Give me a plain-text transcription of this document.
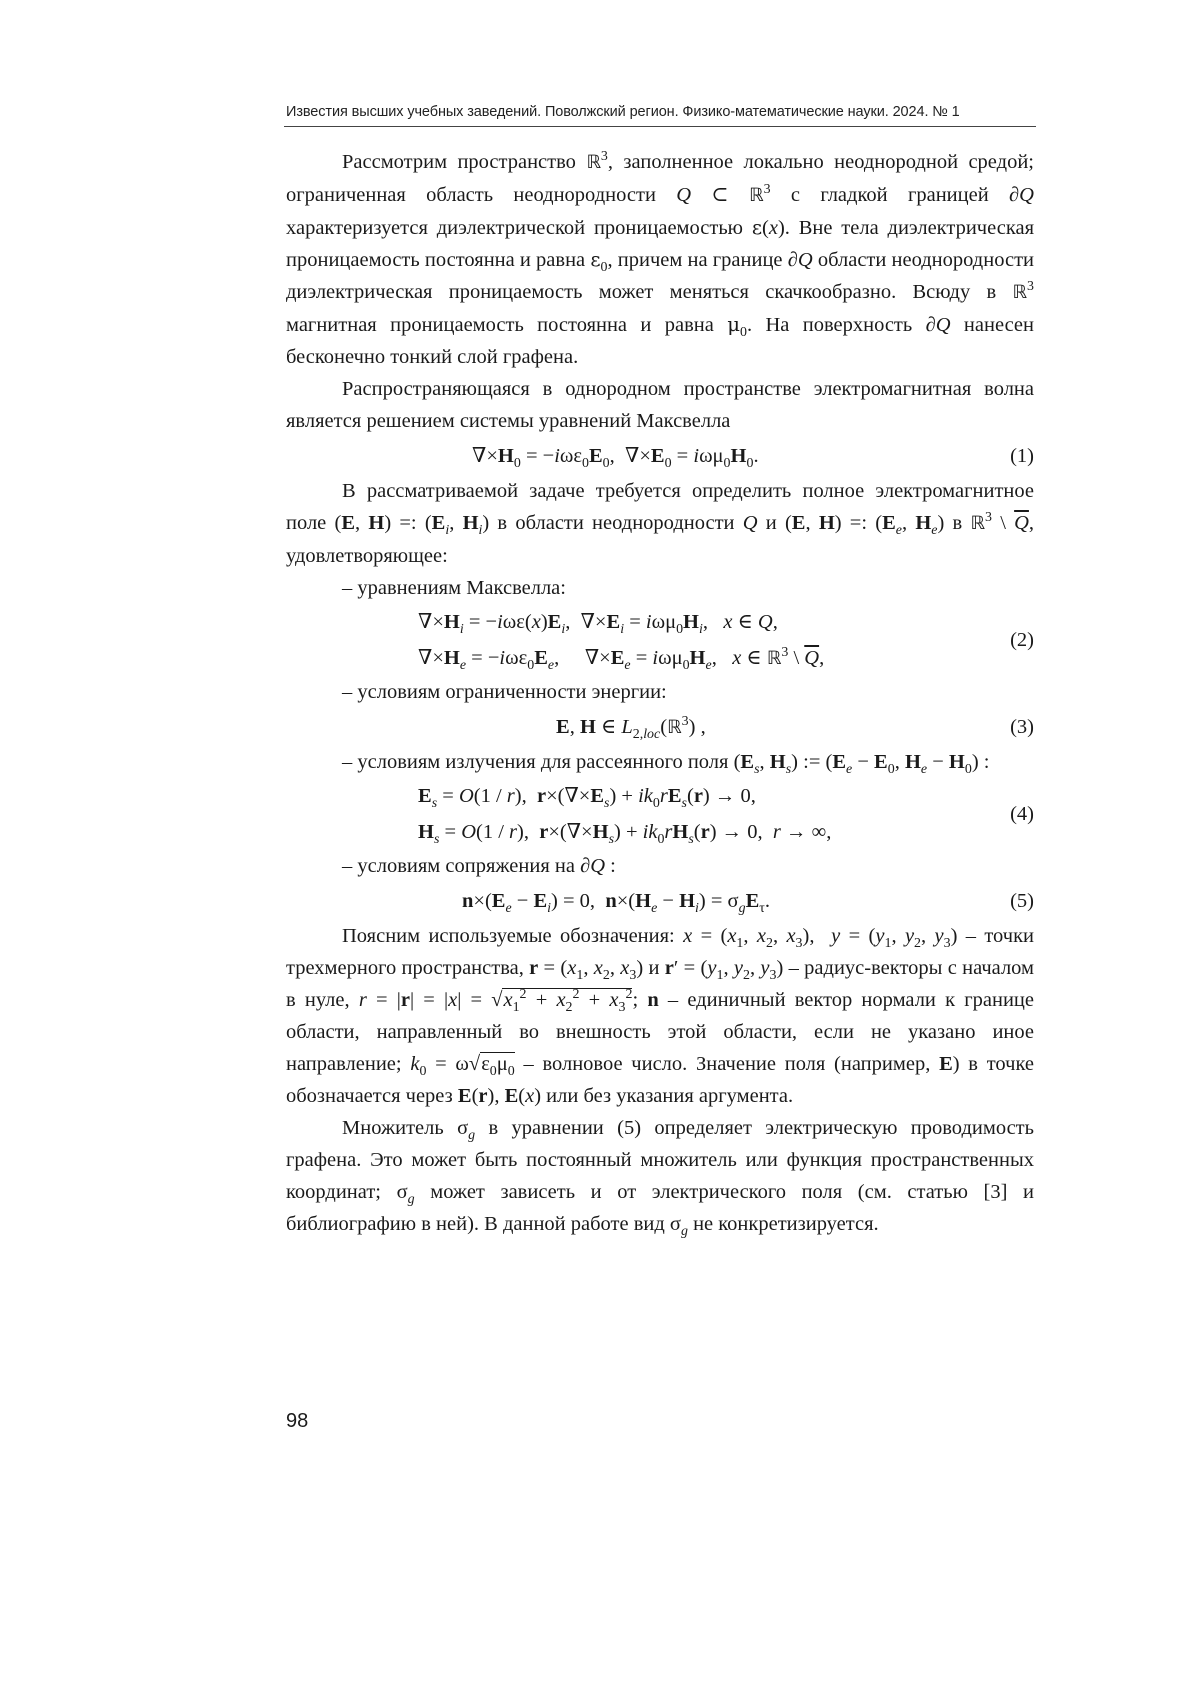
Известия высших учебных заведений. Поволжский регион. Физико-математические науки. 2024. № 1

Рассмотрим пространство ℝ$^3$, заполненное локально неоднородной средой; ограниченная область неоднородности Q ⊂ ℝ$^3$ с гладкой границей ∂Q характеризуется диэлектрической проницаемостью ε(x). Вне тела диэлектрическая проницаемость постоянна и равна $\varepsilon_0$, причем на границе ∂Q области неоднородности диэлектрическая проницаемость может меняться скачкообразно. Всюду в ℝ$^3$ магнитная проницаемость постоянна и равна $\mu_0$. На поверхность ∂Q нанесен бесконечно тонкий слой графена.

Распространяющаяся в однородном пространстве электромагнитная волна является решением системы уравнений Максвелла

$\nabla\times H_0 = -i\omega\varepsilon_0E_0$,  $\nabla\times E_0 = i\omega\mu_0H_0$.	(1)

В рассматриваемой задаче требуется определить полное электромагнитное поле (E, H) =: ($E_i$, $H_i$) в области неоднородности Q и (E, H) =: ($E_e$, $H_e$) в ℝ$^3$ \ $\overline{Q}$, удовлетворяющее:

– уравнениям Максвелла:

$\nabla\times H_i = -i\omega\varepsilon(x)E_i$,  $\nabla\times E_i = i\omega\mu_0H_i$,   x ∈ Q,
$\nabla\times H_e = -i\omega\varepsilon_0E_e$,     $\nabla\times E_e = i\omega\mu_0H_e$,   x ∈ ℝ$^3$ \ $\overline{Q}$,
(2)

– условиям ограниченности энергии:

E, H ∈ $L_{2,loc}(ℝ^3)$ ,	(3)

– условиям излучения для рассеянного поля ($E_s$, $H_s$) := ($E_e - E_0$, $H_e - H_0$) :

$E_s = O(1 / r)$,  $r\times(\nabla\times E_s) + ik_0rE_s(r) \to 0$,
$H_s = O(1 / r)$,  $r\times(\nabla\times H_s) + ik_0rH_s(r) \to 0$,  r → ∞,
(4)

– условиям сопряжения на ∂Q :

$n\times(E_e - E_i) = 0$,  $n\times(H_e - H_i) = \sigma_gE_\tau$.	(5)

Поясним используемые обозначения: $x = (x_1$, $x_2$, $x_3$),  $y = (y_1$, $y_2$, $y_3$) – точки трехмерного пространства, $r = (x_1$, $x_2$, $x_3$) и $r' = (y_1$, $y_2$, $y_3$) – радиус-векторы с началом в нуле, $r = |r| = |x| = √x_1^2 + x_2^2 + x_3^2$; n – единичный вектор нормали к границе области, направленный во внешность этой области, если не указано иное направление; $k_0 = \omega√\varepsilon_0\mu_0$ – волновое число. Значение поля (например, E) в точке обозначается через E(r), E(x) или без указания аргумента.

Множитель $\sigma_g$ в уравнении (5) определяет электрическую проводимость графена. Это может быть постоянный множитель или функция пространственных координат; $\sigma_g$ может зависеть и от электрического поля (см. статью [3] и библиографию в ней). В данной работе вид $\sigma_g$ не конкретизируется.

98
